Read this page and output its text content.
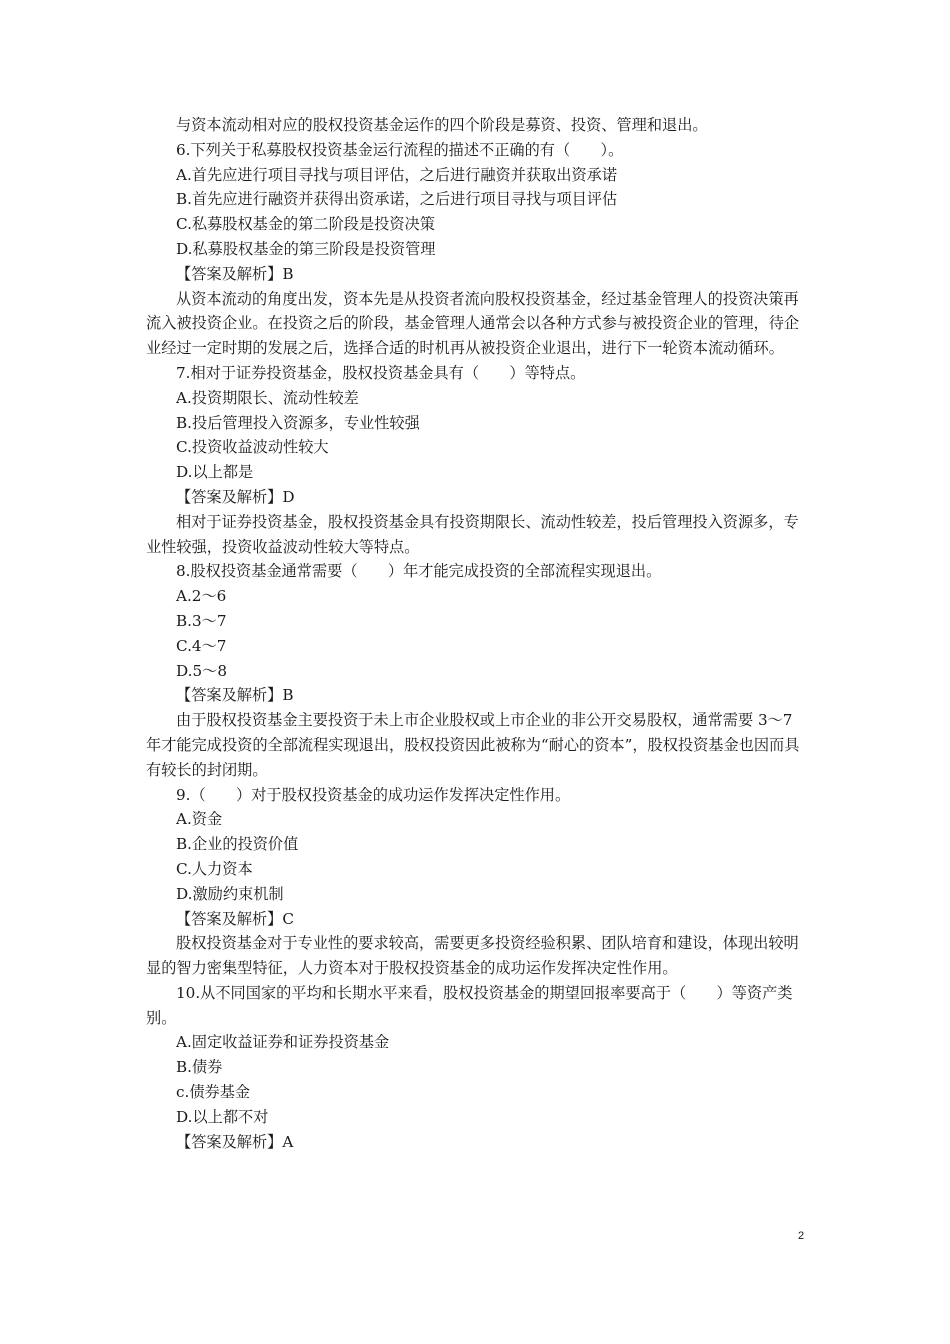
与资本流动相对应的股权投资基金运作的四个阶段是募资、投资、管理和退出。

6.下列关于私募股权投资基金运行流程的描述不正确的有（　　）。

A.首先应进行项目寻找与项目评估，之后进行融资并获取出资承诺

B.首先应进行融资并获得出资承诺，之后进行项目寻找与项目评估

C.私募股权基金的第二阶段是投资决策

D.私募股权基金的第三阶段是投资管理

【答案及解析】B

从资本流动的角度出发，资本先是从投资者流向股权投资基金，经过基金管理人的投资决策再流入被投资企业。在投资之后的阶段，基金管理人通常会以各种方式参与被投资企业的管理，待企业经过一定时期的发展之后，选择合适的时机再从被投资企业退出，进行下一轮资本流动循环。

7.相对于证券投资基金，股权投资基金具有（　　）等特点。

A.投资期限长、流动性较差

B.投后管理投入资源多，专业性较强

C.投资收益波动性较大

D.以上都是

【答案及解析】D

相对于证券投资基金，股权投资基金具有投资期限长、流动性较差，投后管理投入资源多，专业性较强，投资收益波动性较大等特点。

8.股权投资基金通常需要（　　）年才能完成投资的全部流程实现退出。

A.2～6

B.3～7

C.4～7

D.5～8

【答案及解析】B

由于股权投资基金主要投资于未上市企业股权或上市企业的非公开交易股权，通常需要 3～7 年才能完成投资的全部流程实现退出，股权投资因此被称为“耐心的资本”，股权投资基金也因而具有较长的封闭期。

9.（　　）对于股权投资基金的成功运作发挥决定性作用。

A.资金

B.企业的投资价值

C.人力资本

D.激励约束机制

【答案及解析】C

股权投资基金对于专业性的要求较高，需要更多投资经验积累、团队培育和建设，体现出较明显的智力密集型特征，人力资本对于股权投资基金的成功运作发挥决定性作用。

10.从不同国家的平均和长期水平来看，股权投资基金的期望回报率要高于（　　）等资产类别。

A.固定收益证券和证券投资基金

B.债券

c.债券基金

D.以上都不对

【答案及解析】A

2
